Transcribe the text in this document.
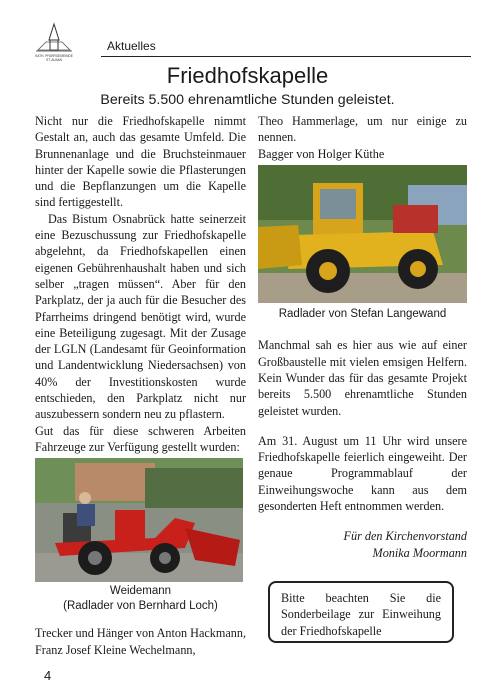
KATH. PFARRGEMEINDE
ST. ALBAN
Aktuelles
Friedhofskapelle
Bereits 5.500 ehrenamtliche Stunden geleistet.

Nicht nur die Friedhofskapelle nimmt Gestalt an, auch das gesamte Umfeld. Die Brunnenanlage und die Bruchsteinmauer hinter der Kapelle sowie die Pflasterungen und die Bepflanzungen um die Kapelle sind fertiggestellt.

Das Bistum Osnabrück hatte seinerzeit eine Bezuschussung zur Friedhofskapelle abgelehnt, da Friedhofskapellen einen eigenen Gebührenhaushalt haben und sich selber „tragen müssen“. Aber für den Parkplatz, der ja auch für die Besucher des Pfarrheims dringend benötigt wird, wurde eine Beteiligung zugesagt. Mit der Zusage der LGLN (Landesamt für Geoinformation und Landentwicklung Niedersachsen) von 40% der Investitionskosten wurde entschieden, den Parkplatz nicht nur auszubessern sondern neu zu pflastern.

Gut das für diese schweren Arbeiten Fahrzeuge zur Verfügung gestellt wurden:

Weidemann
(Radlader von Bernhard Loch)

Trecker und Hänger von Anton Hackmann, Franz Josef Kleine Wechelmann,

Theo Hammerlage, um nur einige zu nennen.

Bagger von Holger Küthe

Radlader von Stefan Langewand

Manchmal sah es hier aus wie auf einer Großbaustelle mit vielen emsigen Helfern. Kein Wunder das für das gesamte Projekt bereits 5.500 ehrenamtliche Stunden geleistet wurden.

Am 31. August um 11 Uhr wird unsere Friedhofskapelle feierlich eingeweiht. Der genaue Programmablauf der Einweihungswoche kann aus dem gesonderten Heft entnommen werden.

Für den Kirchenvorstand

Monika Moormann

Bitte beachten Sie die Sonderbeilage zur Einweihung der Friedhofskapelle
4
